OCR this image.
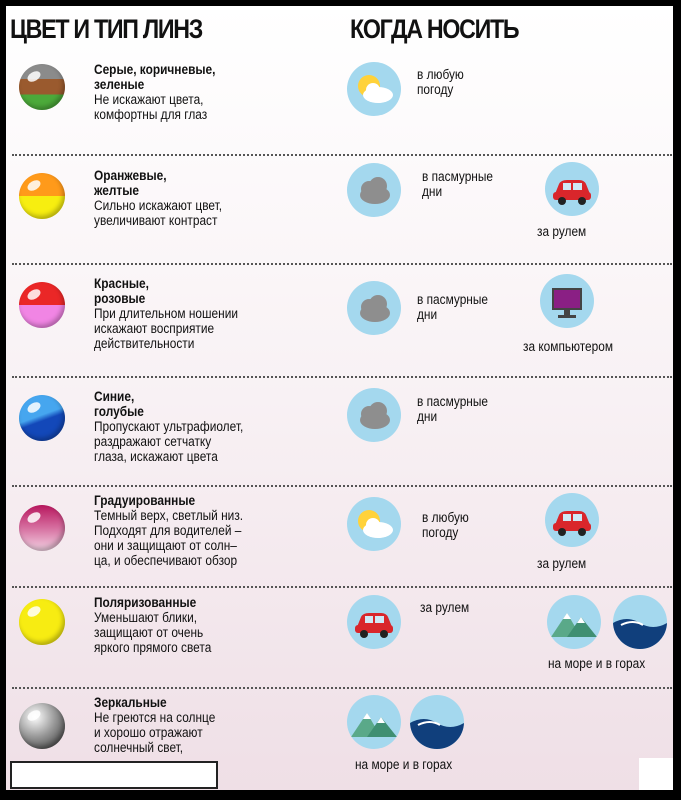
ЦВЕТ И ТИП ЛИНЗ	КОГДА НОСИТЬ
Серые, коричневые,
зеленые
Не искажают цвета,
комфортны для глаз
в любую
погоду
Оранжевые,
желтые
Сильно искажают цвет,
увеличивают контраст
в пасмурные
дни
за рулем
Красные,
розовые
При длительном ношении
искажают восприятие
действительности
в пасмурные
дни
за компьютером
Синие,
голубые
Пропускают ультрафиолет,
раздражают сетчатку
глаза, искажают цвета
в пасмурные
дни
Градуированные
Темный верх, светлый низ.
Подходят для водителей –
они и защищают от солн–
ца, и обеспечивают обзор
в любую
погоду
за рулем
Поляризованные
Уменьшают блики,
защищают от очень
яркого прямого света
за рулем
на море и в горах
Зеркальные
Не греются на солнце
и хорошо отражают
солнечный свет,
на море и в горах
